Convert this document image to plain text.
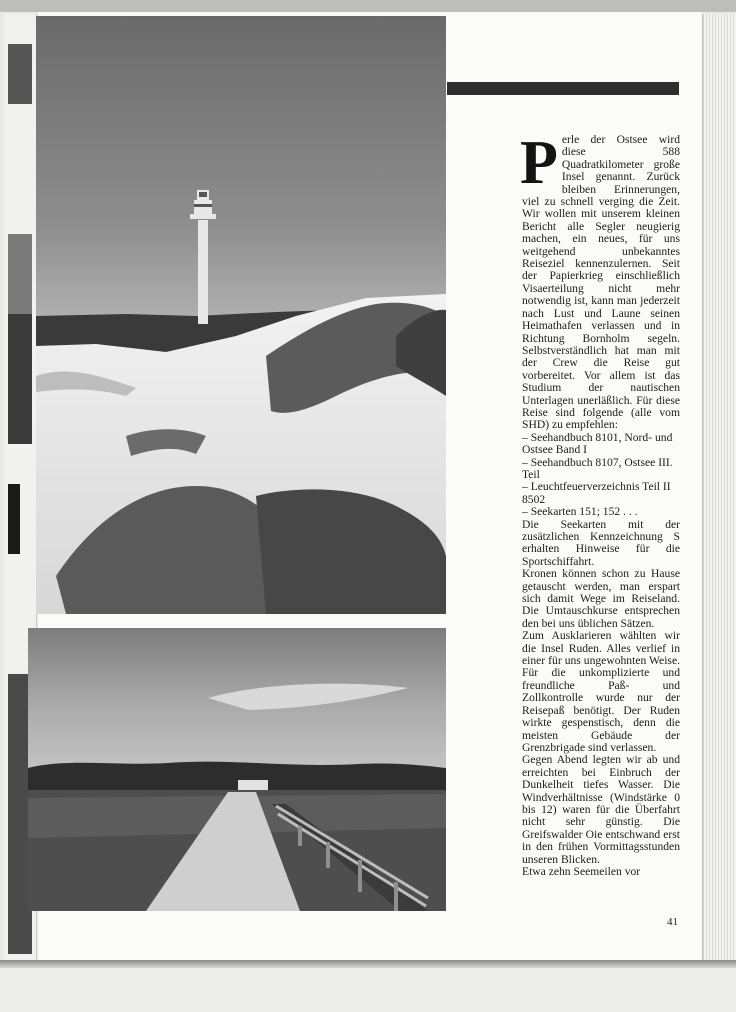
P erle der Ostsee wird diese 588 Quadratkilometer große Insel genannt. Zurück bleiben Erinnerungen, viel zu schnell verging die Zeit. Wir wollen mit unserem kleinen Bericht alle Segler neugierig machen, ein neues, für uns weitgehend unbekanntes Reiseziel kennenzulernen. Seit der Papierkrieg einschließlich Visaerteilung nicht mehr notwendig ist, kann man jederzeit nach Lust und Laune seinen Heimathafen verlassen und in Richtung Bornholm segeln. Selbstverständlich hat man mit der Crew die Reise gut vorbereitet. Vor allem ist das Studium der nautischen Unterlagen unerläßlich. Für diese Reise sind folgende (alle vom SHD) zu empfehlen:

– Seehandbuch 8101, Nord- und Ostsee Band I
– Seehandbuch 8107, Ostsee III. Teil
– Leuchtfeuerverzeichnis Teil II 8502
– Seekarten 151; 152 . . .

Die Seekarten mit der zusätzlichen Kennzeichnung S erhalten Hinweise für die Sportschiffahrt.

Kronen können schon zu Hause getauscht werden, man erspart sich damit Wege im Reiseland. Die Umtauschkurse entsprechen den bei uns üblichen Sätzen.

Zum Ausklarieren wählten wir die Insel Ruden. Alles verlief in einer für uns ungewohnten Weise. Für die unkomplizierte und freundliche Paß- und Zollkontrolle wurde nur der Reisepaß benötigt. Der Ruden wirkte gespenstisch, denn die meisten Gebäude der Grenzbrigade sind verlassen.

Gegen Abend legten wir ab und erreichten bei Einbruch der Dunkelheit tiefes Wasser. Die Windverhältnisse (Windstärke 0 bis 12) waren für die Überfahrt nicht sehr günstig. Die Greifswalder Oie entschwand erst in den frühen Vormittagsstunden unseren Blicken.

Etwa zehn Seemeilen vor

41
